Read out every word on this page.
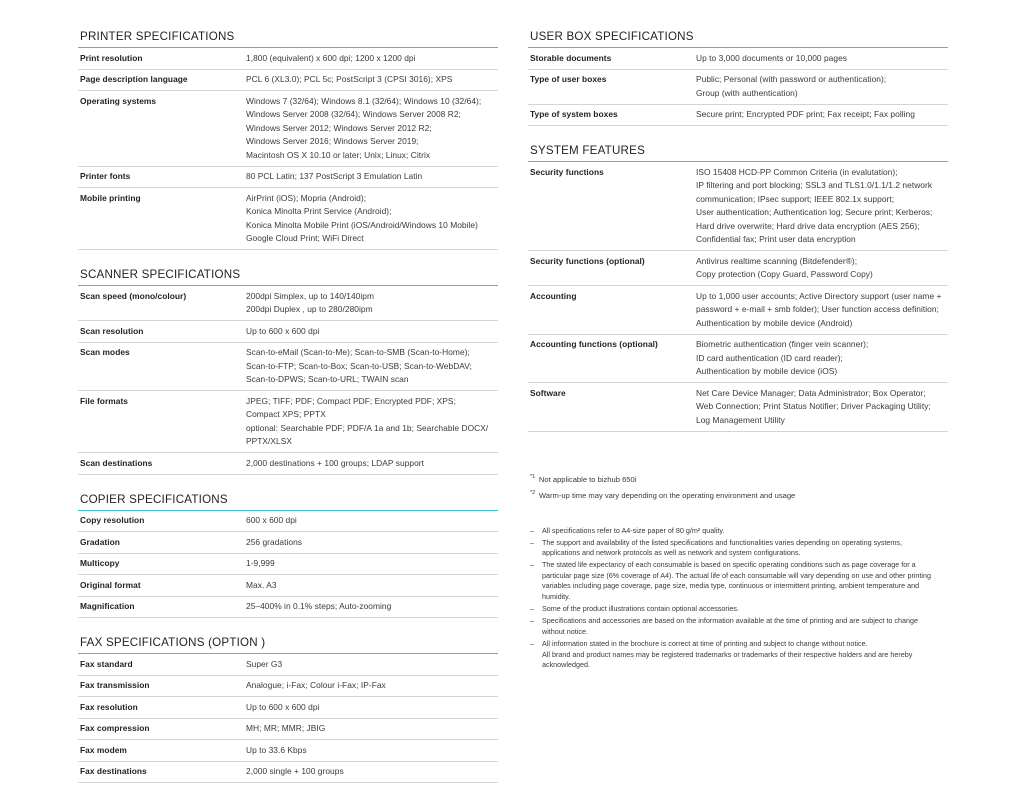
PRINTER SPECIFICATIONS
Print resolution	1,800 (equivalent) x 600 dpi; 1200 x 1200 dpi

Page description language	PCL 6 (XL3.0); PCL 5c; PostScript 3 (CPSI 3016); XPS

Operating systems	Windows 7 (32/64); Windows 8.1 (32/64); Windows 10 (32/64);
Windows Server 2008 (32/64); Windows Server 2008 R2;
Windows Server 2012; Windows Server 2012 R2;
Windows Server 2016; Windows Server 2019;
Macintosh OS X 10.10 or later; Unix; Linux; Citrix

Printer fonts	80 PCL Latin; 137 PostScript 3 Emulation Latin

Mobile printing	AirPrint (iOS); Mopria (Android);
Konica Minolta Print Service (Android);
Konica Minolta Mobile Print (iOS/Android/Windows 10 Mobile)
Google Cloud Print; WiFi Direct
SCANNER SPECIFICATIONS
Scan speed (mono/colour)	200dpi Simplex, up to 140/140ipm
200dpi Duplex , up to 280/280ipm

Scan resolution	Up to 600 x 600 dpi

Scan modes	Scan-to-eMail (Scan-to-Me); Scan-to-SMB (Scan-to-Home);
Scan-to-FTP; Scan-to-Box; Scan-to-USB; Scan-to-WebDAV;
Scan-to-DPWS; Scan-to-URL; TWAIN scan

File formats	JPEG; TIFF; PDF; Compact PDF; Encrypted PDF; XPS;
Compact XPS; PPTX
optional: Searchable PDF; PDF/A 1a and 1b; Searchable DOCX/
PPTX/XLSX

Scan destinations	2,000 destinations + 100 groups; LDAP support
COPIER SPECIFICATIONS
Copy resolution	600 x 600 dpi

Gradation	256 gradations

Multicopy	1-9,999

Original format	Max. A3

Magnification	25–400% in 0.1% steps; Auto-zooming
FAX SPECIFICATIONS (OPTION )
Fax standard	Super G3

Fax transmission	Analogue; i-Fax; Colour i-Fax; IP-Fax

Fax resolution	Up to 600 x 600 dpi

Fax compression	MH; MR; MMR; JBIG

Fax modem	Up to 33.6 Kbps

Fax destinations	2,000 single + 100 groups
USER BOX SPECIFICATIONS
Storable documents	Up to 3,000 documents or 10,000 pages

Type of user boxes	Public; Personal (with password or authentication);
Group (with authentication)

Type of system boxes	Secure print; Encrypted PDF print; Fax receipt; Fax polling
SYSTEM FEATURES
Security functions	ISO 15408 HCD-PP Common Criteria (in evalutation);
IP filtering and port blocking; SSL3 and TLS1.0/1.1/1.2 network
communication; IPsec support; IEEE 802.1x support;
User authentication; Authentication log; Secure print; Kerberos;
Hard drive overwrite; Hard drive data encryption (AES 256);
Confidential fax; Print user data encryption

Security functions (optional)	Antivirus realtime scanning (Bitdefender®);
Copy protection (Copy Guard, Password Copy)

Accounting	Up to 1,000 user accounts; Active Directory support (user name +
password + e-mail + smb folder); User function access definition;
Authentication by mobile device (Android)

Accounting functions (optional)	Biometric authentication (finger vein scanner);
ID card authentication (ID card reader);
Authentication by mobile device (iOS)

Software	Net Care Device Manager; Data Administrator; Box Operator;
Web Connection; Print Status Notifier; Driver Packaging Utility;
Log Management Utility
$^{*1}$ Not applicable to bizhub 650i
$^{*2}$ Warm-up time may vary depending on the operating environment and usage
– All specifications refer to A4-size paper of 80 g/m² quality.
– The support and availability of the listed specifications and functionalities varies depending on operating systems,
applications and network protocols as well as network and system configurations.
– The stated life expectancy of each consumable is based on specific operating conditions such as page coverage for a
particular page size (6% coverage of A4). The actual life of each consumable will vary depending on use and other printing
variables including page coverage, page size, media type, continuous or intermittent printing, ambient temperature and
humidity.
– Some of the product illustrations contain optional accessories.
– Specifications and accessories are based on the information available at the time of printing and are subject to change
without notice.
– All information stated in the brochure is correct at time of printing and subject to change without notice.
All brand and product names may be registered trademarks or trademarks of their respective holders and are hereby
acknowledged.
